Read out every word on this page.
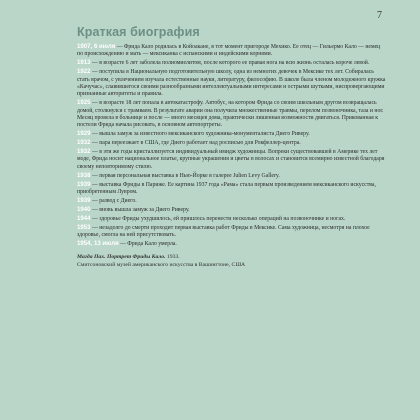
7
Краткая биография

1907, 6 июля — Фрида Кало родилась в Койоакане, в тот момент пригороде Мехико. Ее отец — Гильермо Кало — немец по происхождению и мать — мексиканка с испанскими и индейскими корнями.

1913 — в возрасте 6 лет заболела полиомиелитом, после которого ее правая нога на всю жизнь осталась короче левой.

1922 — поступила в Национальную подготовительную школу, одна из немногих девочек в Мексике тех лет. Собиралась стать врачом, с увлечением изучала естественные науки, литературу, философию. В школе была членом молодежного кружка «Качучас», славившегося своими разнообразными интеллектуальными интересами и острыми шутками, ниспровергающими признанные авторитеты и правила.

1925 — в возрасте 18 лет попала в автокатастрофу. Автобус, на котором Фрида со своим школьным другом возвращалась домой, столкнулся с трамваем. В результате аварии она получила множественные травмы, перелом позвоночника, таза и ног. Месяц провела в больнице и после — много месяцев дома, практически лишенная возможности двигаться. Прикованная к постели Фрида начала рисовать, в основном автопортреты.

1929 — вышла замуж за известного мексиканского художника-монументалиста Диего Риверу.

1932 — пара переезжает в США, где Диего работает над росписью для Рокфеллер-центра.

1932 — в эти же годы кристаллизуется индивидуальный имидж художницы. Вопреки существовавшей в Америке тех лет моде, Фрида носит национальное платье, крупные украшения и цветы в волосах и становится всемирно известной благодаря своему неповторимому стилю.

1938 — первая персональная выставка в Нью-Йорке в галерее Julien Levy Gallery.

1939 — выставка Фриды в Париже. Ее картина 1937 года «Рама» стала первым произведением мексиканского искусства, приобретенным Лувром.

1939 — развод с Диего.

1940 — вновь вышла замуж за Диего Риверу.

1944 — здоровье Фриды ухудшилось, ей пришлось перенести несколько операций на позвоночнике и ногах.

1953 — незадолго до смерти проходит первая выставка работ Фриды в Мексике. Сама художница, несмотря на плохое здоровье, смогла на ней присутствовать.

1954, 13 июля — Фрида Кало умерла.

Магда Пах. Портрет Фриды Кало. 1933.
Смитсоновский музей американского искусства в Вашингтоне, США
